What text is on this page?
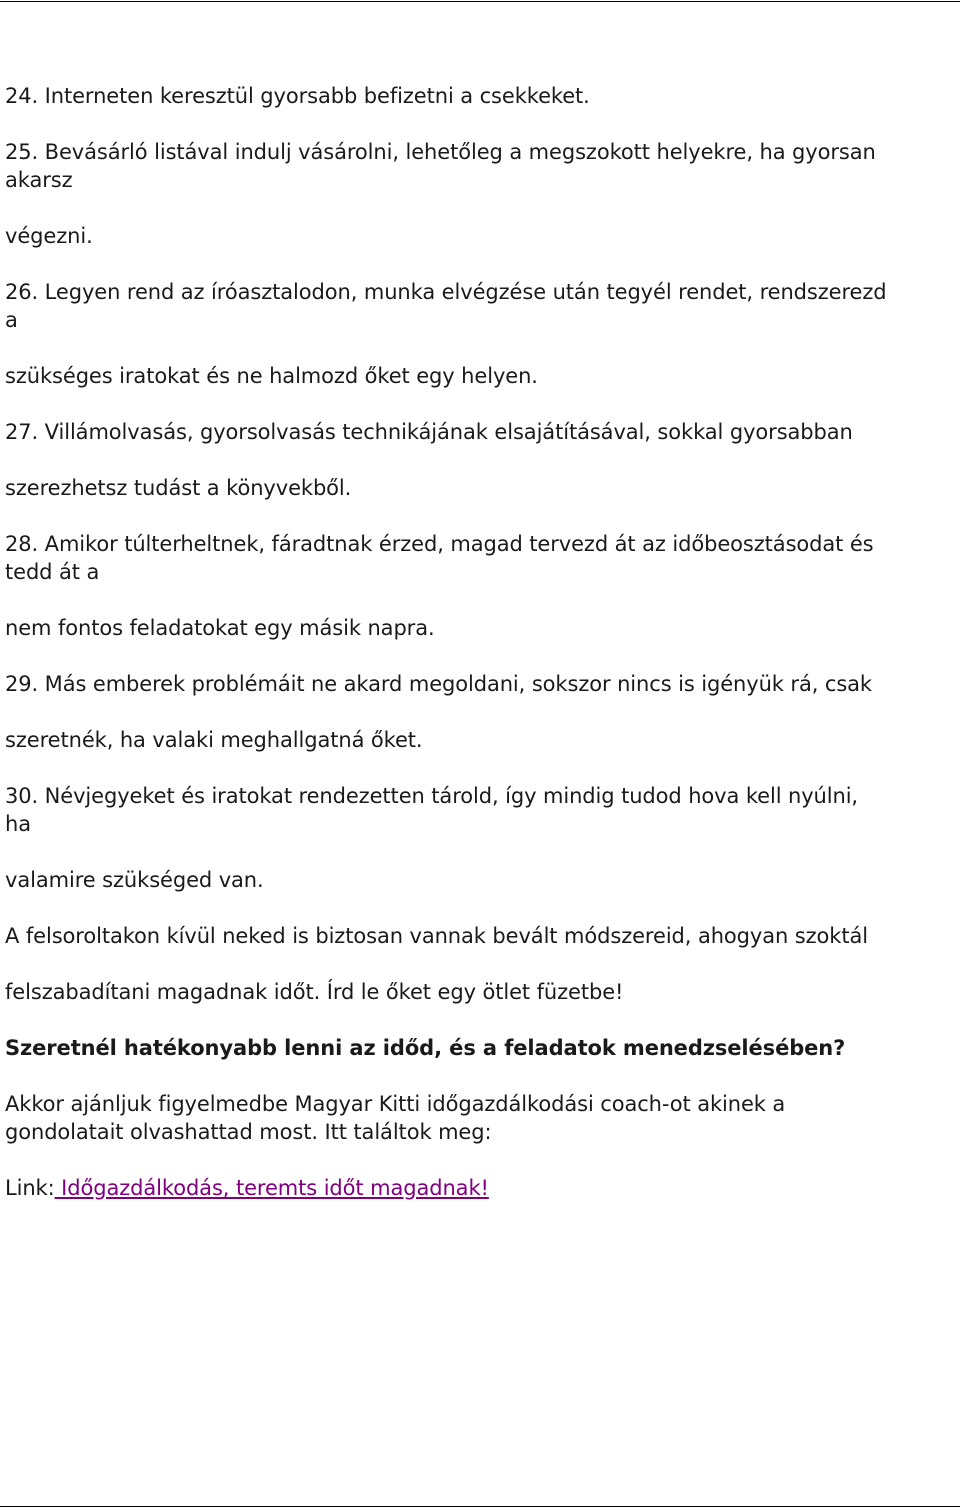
24. Interneten keresztül gyorsabb befizetni a csekkeket.
25. Bevásárló listával indulj vásárolni, lehetőleg a megszokott helyekre, ha gyorsan
akarsz
végezni.
26. Legyen rend az íróasztalodon, munka elvégzése után tegyél rendet, rendszerezd
a
szükséges iratokat és ne halmozd őket egy helyen.
27. Villámolvasás, gyorsolvasás technikájának elsajátításával, sokkal gyorsabban
szerezhetsz tudást a könyvekből.
28. Amikor túlterheltnek, fáradtnak érzed, magad tervezd át az időbeosztásodat és
tedd át a
nem fontos feladatokat egy másik napra.
29. Más emberek problémáit ne akard megoldani, sokszor nincs is igényük rá, csak
szeretnék, ha valaki meghallgatná őket.
30. Névjegyeket és iratokat rendezetten tárold, így mindig tudod hova kell nyúlni,
ha
valamire szükséged van.
A felsoroltakon kívül neked is biztosan vannak bevált módszereid, ahogyan szoktál
felszabadítani magadnak időt. Írd le őket egy ötlet füzetbe!
Szeretnél hatékonyabb lenni az időd, és a feladatok menedzselésében?
Akkor ajánljuk figyelmedbe Magyar Kitti időgazdálkodási coach-ot akinek a
gondolatait olvashattad most. Itt találtok meg:
Link: Időgazdálkodás, teremts időt magadnak!
